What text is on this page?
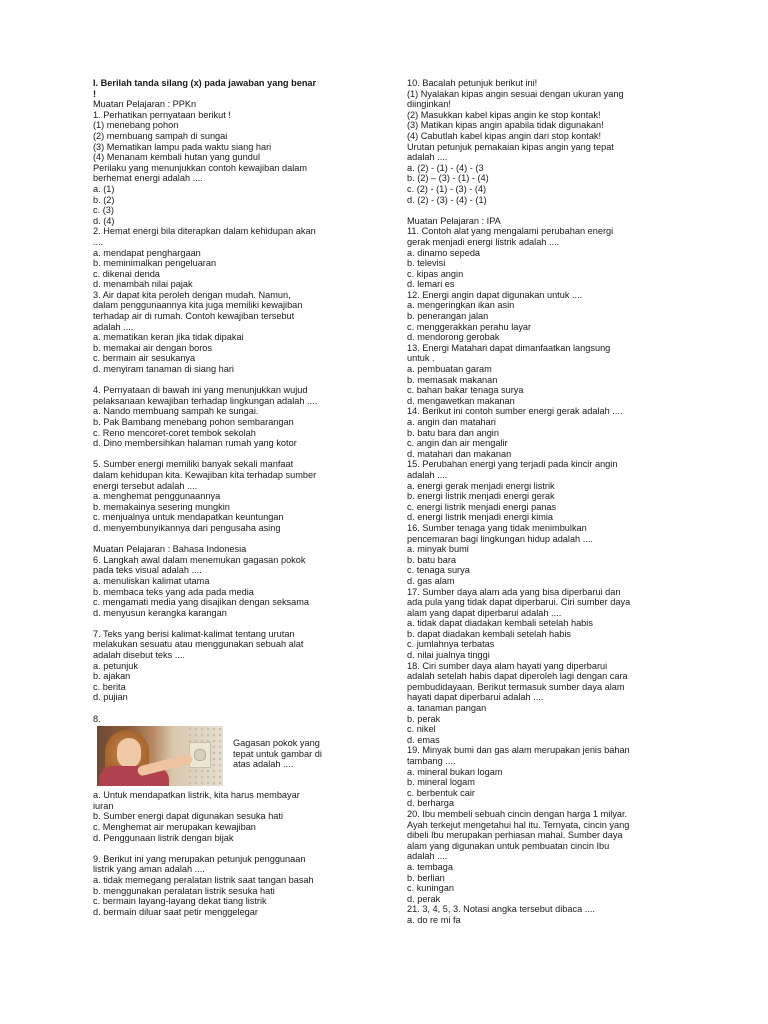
I. Berilah tanda silang (x) pada jawaban yang benar
!
Muatan Pelajaran : PPKn
1. Perhatikan pernyataan berikut !
(1) menebang pohon
(2) membuang sampah di sungai
(3) Mematikan lampu pada waktu siang hari
(4) Menanam kembali hutan yang gundul
Perilaku yang menunjukkan contoh kewajiban dalam
berhemat energi adalah ....
a. (1)
b. (2)
c. (3)
d. (4)
2. Hemat energi bila diterapkan dalam kehidupan akan
....
a. mendapat penghargaan
b. meminimalkan pengeluaran
c. dikenai denda
d. menambah nilai pajak
3. Air dapat kita peroleh dengan mudah. Namun,
dalam penggunaannya kita juga memiliki kewajiban
terhadap air di rumah. Contoh kewajiban tersebut
adalah ....
a. mematikan keran jika tidak dipakai
b. memakai air dengan boros
c. bermain air sesukanya
d. menyiram tanaman di siang hari
4. Pernyataan di bawah ini yang menunjukkan wujud
pelaksanaan kewajiban terhadap lingkungan adalah ....
a. Nando membuang sampah ke sungai.
b. Pak Bambang menebang pohon sembarangan
c. Reno mencoret-coret tembok sekolah
d. Dino membersihkan halaman rumah yang kotor
5. Sumber energi memiliki banyak sekali manfaat
dalam kehidupan kita. Kewajiban kita terhadap sumber
energi tersebut adalah ....
a. menghemat penggunaannya
b. memakainya sesering mungkin
c. menjualnya untuk mendapatkan keuntungan
d. menyembunyikannya dari pengusaha asing
Muatan Pelajaran : Bahasa Indonesia
6. Langkah awal dalam menemukan gagasan pokok
pada teks visual adalah ....
a. menuliskan kalimat utama
b. membaca teks yang ada pada media
c. mengamati media yang disajikan dengan seksama
d. menyusun kerangka karangan
7. Teks yang berisi kalimat-kalimat tentang urutan
melakukan sesuatu atau menggunakan sebuah alat
adalah disebut teks ....
a. petunjuk
b. ajakan
c. berita
d. pujian
8.
Gagasan pokok yang
tepat untuk gambar di
atas adalah ....
a. Untuk mendapatkan listrik, kita harus membayar
iuran
b. Sumber energi dapat digunakan sesuka hati
c. Menghemat air merupakan kewajiban
d. Penggunaan listrik dengan bijak
9. Berikut ini yang merupakan petunjuk penggunaan
listrik yang aman adalah ....
a. tidak memegang peralatan listrik saat tangan basah
b. menggunakan peralatan listrik sesuka hati
c. bermain layang-layang dekat tiang listrik
d. bermain diluar saat petir menggelegar
10. Bacalah petunjuk berikut ini!
(1) Nyalakan kipas angin sesuai dengan ukuran yang
diinginkan!
(2) Masukkan kabel kipas angin ke stop kontak!
(3) Matikan kipas angin apabila tidak digunakan!
(4) Cabutlah kabel kipas angin dari stop kontak!
Urutan petunjuk pemakaian kipas angin yang tepat
adalah ....
a. (2) - (1) - (4) - (3
b. (2) – (3) - (1) - (4)
c. (2) - (1) - (3) - (4)
d. (2) - (3) - (4) - (1)
Muatan Pelajaran : IPA
11. Contoh alat yang mengalami perubahan energi
gerak menjadi energi listrik adalah ....
a. dinamo sepeda
b. televisi
c. kipas angin
d. lemari es
12. Energi angin dapat digunakan untuk ....
a. mengeringkan ikan asin
b. penerangan jalan
c. menggerakkan perahu layar
d. mendorong gerobak
13. Energi Matahari dapat dimanfaatkan langsung
untuk .
a. pembuatan garam
b. memasak makanan
c. bahan bakar tenaga surya
d. mengawetkan makanan
14. Berikut ini contoh sumber energi gerak adalah ....
a. angin dan matahari
b. batu bara dan angin
c. angin dan air mengalir
d. matahari dan makanan
15. Perubahan energi yang terjadi pada kincir angin
adalah ....
a. energi gerak menjadi energi listrik
b. energi listrik menjadi energi gerak
c. energi listrik menjadi energi panas
d. energi listrik menjadi energi kimia
16. Sumber tenaga yang tidak menimbulkan
pencemaran bagi lingkungan hidup adalah ....
a. minyak bumi
b. batu bara
c. tenaga surya
d. gas alam
17. Sumber daya alam ada yang bisa diperbarui dan
ada pula yang tidak dapat diperbarui. Ciri sumber daya
alam yang dapat diperbarui adalah ....
a. tidak dapat diadakan kembali setelah habis
b. dapat diadakan kembali setelah habis
c. jumlahnya terbatas
d. nilai jualnya tinggi
18. Ciri sumber daya alam hayati yang diperbarui
adalah setelah habis dapat diperoleh lagi dengan cara
pembudidayaan. Berikut termasuk sumber daya alam
hayati dapat diperbarui adalah ....
a. tanaman pangan
b. perak
c. nikel
d. emas
19. Minyak bumi dan gas alam merupakan jenis bahan
tambang ....
a. mineral bukan logam
b. mineral logam
c. berbentuk cair
d. berharga
20. Ibu membeli sebuah cincin dengan harga 1 milyar.
Ayah terkejut mengetahui hal itu. Ternyata, cincin yang
dibeli Ibu merupakan perhiasan mahal. Sumber daya
alam yang digunakan untuk pembuatan cincin Ibu
adalah ....
a. tembaga
b. berlian
c. kuningan
d. perak
21. 3, 4, 5, 3. Notasi angka tersebut dibaca ....
a. do re mi fa
